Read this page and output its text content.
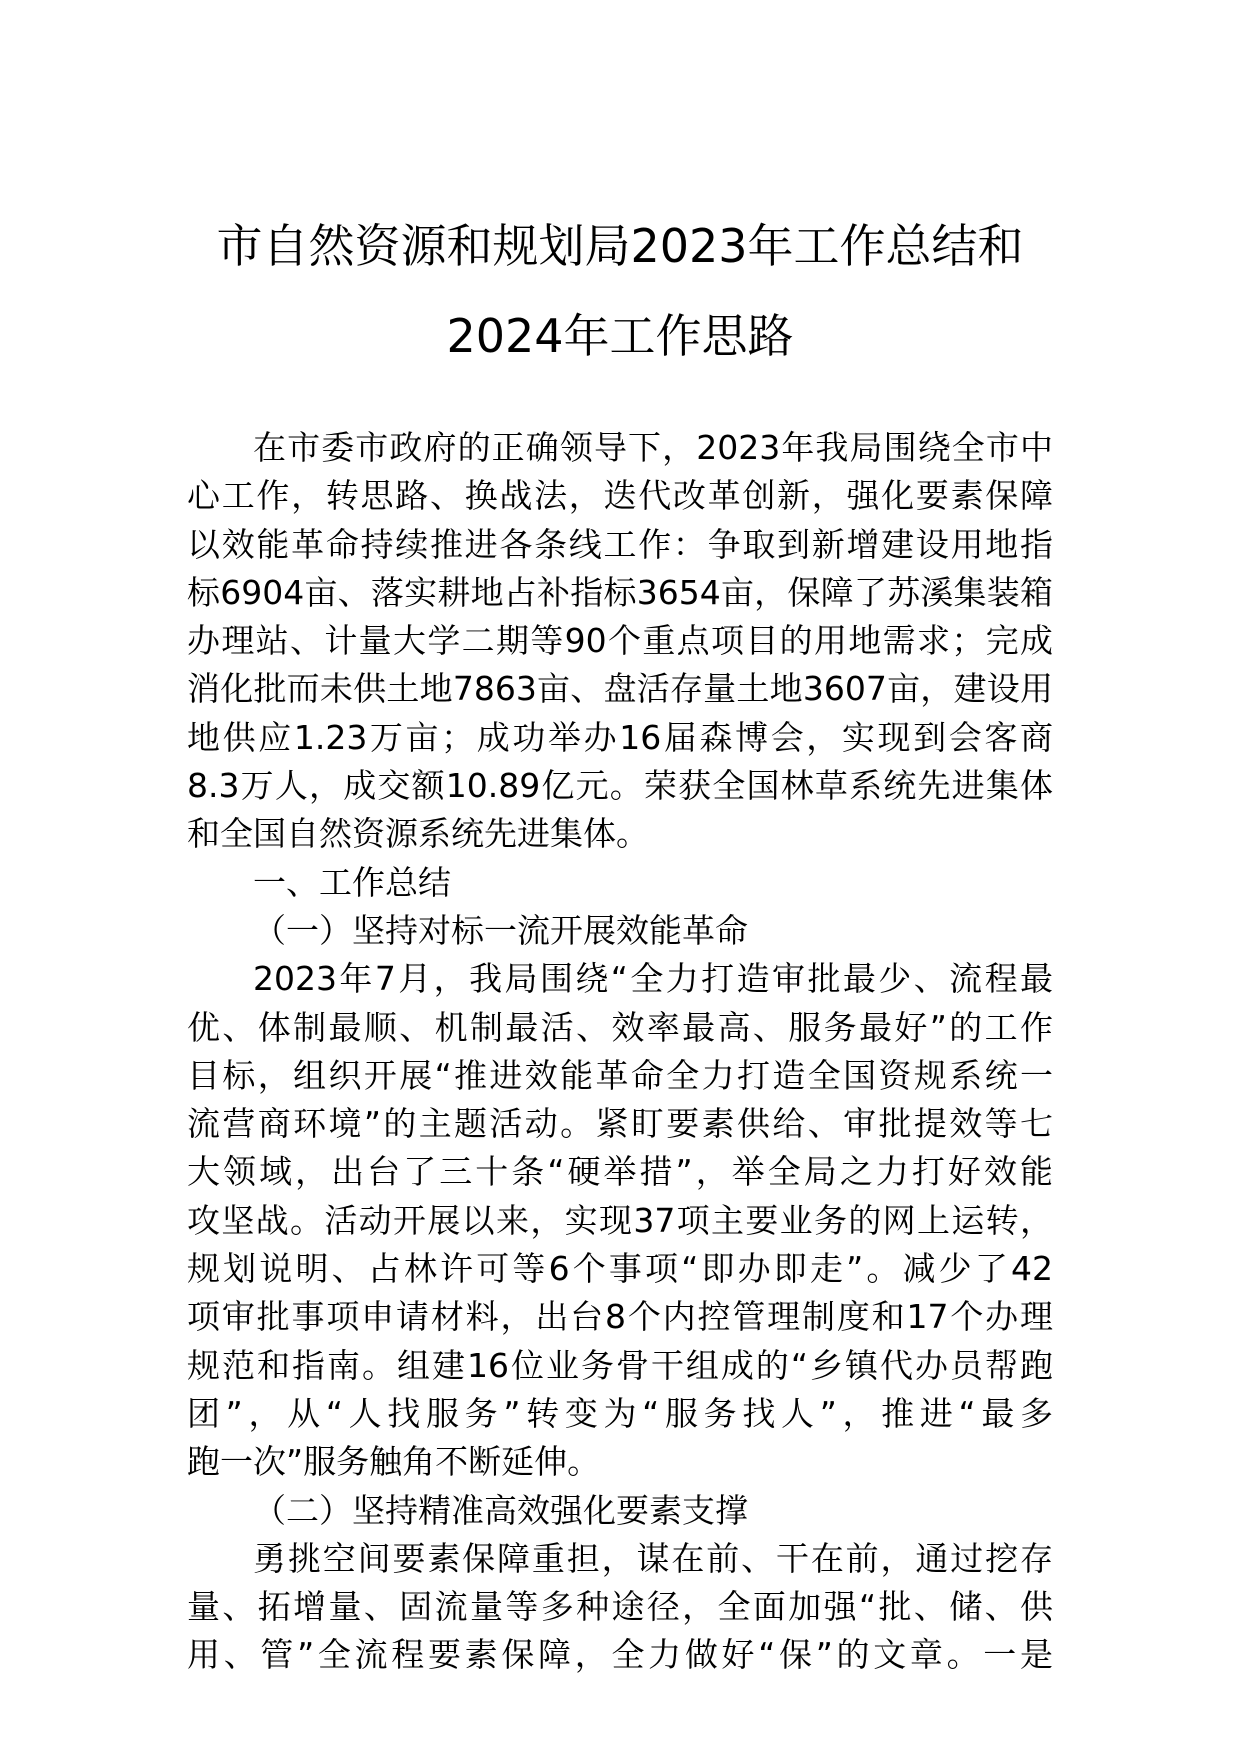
市自然资源和规划局2023年工作总结和
2024年工作思路
在市委市政府的正确领导下，2023年我局围绕全市中
心工作，转思路、换战法，迭代改革创新，强化要素保障
以效能革命持续推进各条线工作：争取到新增建设用地指
标6904亩、落实耕地占补指标3654亩，保障了苏溪集装箱
办理站、计量大学二期等90个重点项目的用地需求；完成
消化批而未供土地7863亩、盘活存量土地3607亩，建设用
地供应1.23万亩；成功举办16届森博会，实现到会客商
8.3万人，成交额10.89亿元。荣获全国林草系统先进集体
和全国自然资源系统先进集体。
一、工作总结
（一）坚持对标一流开展效能革命
2023年7月，我局围绕“全力打造审批最少、流程最
优、体制最顺、机制最活、效率最高、服务最好”的工作
目标，组织开展“推进效能革命全力打造全国资规系统一
流营商环境”的主题活动。紧盯要素供给、审批提效等七
大领域，出台了三十条“硬举措”，举全局之力打好效能
攻坚战。活动开展以来，实现37项主要业务的网上运转，
规划说明、占林许可等6个事项“即办即走”。减少了42
项审批事项申请材料，出台8个内控管理制度和17个办理
规范和指南。组建16位业务骨干组成的“乡镇代办员帮跑
团”，从“人找服务”转变为“服务找人”，推进“最多
跑一次”服务触角不断延伸。
（二）坚持精准高效强化要素支撑
勇挑空间要素保障重担，谋在前、干在前，通过挖存
量、拓增量、固流量等多种途径，全面加强“批、储、供
用、管”全流程要素保障，全力做好“保”的文章。一是
